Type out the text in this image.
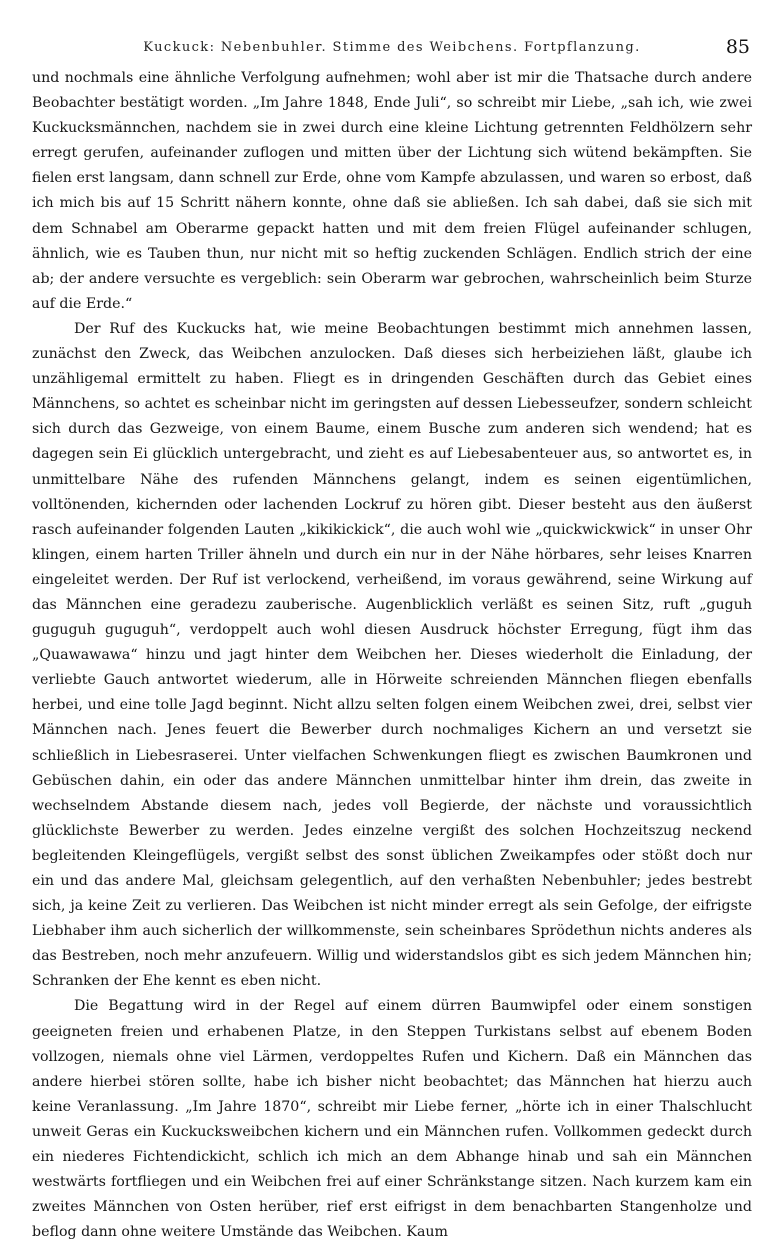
Kuckuck: Nebenbuhler. Stimme des Weibchens. Fortpflanzung.	85

und nochmals eine ähnliche Verfolgung aufnehmen; wohl aber ist mir die Thatsache durch andere Beobachter bestätigt worden. „Im Jahre 1848, Ende Juli“, so schreibt mir Liebe, „sah ich, wie zwei Kuckucksmännchen, nachdem sie in zwei durch eine kleine Lichtung getrennten Feldhölzern sehr erregt gerufen, aufeinander zuflogen und mitten über der Lichtung sich wütend bekämpften. Sie fielen erst langsam, dann schnell zur Erde, ohne vom Kampfe abzulassen, und waren so erbost, daß ich mich bis auf 15 Schritt nähern konnte, ohne daß sie abließen. Ich sah dabei, daß sie sich mit dem Schnabel am Oberarme gepackt hatten und mit dem freien Flügel aufeinander schlugen, ähnlich, wie es Tauben thun, nur nicht mit so heftig zuckenden Schlägen. Endlich strich der eine ab; der andere versuchte es vergeblich: sein Oberarm war gebrochen, wahrscheinlich beim Sturze auf die Erde.“

Der Ruf des Kuckucks hat, wie meine Beobachtungen bestimmt mich annehmen lassen, zunächst den Zweck, das Weibchen anzulocken. Daß dieses sich herbeiziehen läßt, glaube ich unzähligemal ermittelt zu haben. Fliegt es in dringenden Geschäften durch das Gebiet eines Männchens, so achtet es scheinbar nicht im geringsten auf dessen Liebesseufzer, sondern schleicht sich durch das Gezweige, von einem Baume, einem Busche zum anderen sich wendend; hat es dagegen sein Ei glücklich untergebracht, und zieht es auf Liebesabenteuer aus, so antwortet es, in unmittelbare Nähe des rufenden Männchens gelangt, indem es seinen eigentümlichen, volltönenden, kichernden oder lachenden Lockruf zu hören gibt. Dieser besteht aus den äußerst rasch aufeinander folgenden Lauten „kikikickick“, die auch wohl wie „quickwickwick“ in unser Ohr klingen, einem harten Triller ähneln und durch ein nur in der Nähe hörbares, sehr leises Knarren eingeleitet werden. Der Ruf ist verlockend, verheißend, im voraus gewährend, seine Wirkung auf das Männchen eine geradezu zauberische. Augenblicklich verläßt es seinen Sitz, ruft „guguh guguguh guguguh“, verdoppelt auch wohl diesen Ausdruck höchster Erregung, fügt ihm das „Quawawawa“ hinzu und jagt hinter dem Weibchen her. Dieses wiederholt die Einladung, der verliebte Gauch antwortet wiederum, alle in Hörweite schreienden Männchen fliegen ebenfalls herbei, und eine tolle Jagd beginnt. Nicht allzu selten folgen einem Weibchen zwei, drei, selbst vier Männchen nach. Jenes feuert die Bewerber durch nochmaliges Kichern an und versetzt sie schließlich in Liebesraserei. Unter vielfachen Schwenkungen fliegt es zwischen Baumkronen und Gebüschen dahin, ein oder das andere Männchen unmittelbar hinter ihm drein, das zweite in wechselndem Abstande diesem nach, jedes voll Begierde, der nächste und voraussichtlich glücklichste Bewerber zu werden. Jedes einzelne vergißt des solchen Hochzeitszug neckend begleitenden Kleingeflügels, vergißt selbst des sonst üblichen Zweikampfes oder stößt doch nur ein und das andere Mal, gleichsam gelegentlich, auf den verhaßten Nebenbuhler; jedes bestrebt sich, ja keine Zeit zu verlieren. Das Weibchen ist nicht minder erregt als sein Gefolge, der eifrigste Liebhaber ihm auch sicherlich der willkommenste, sein scheinbares Sprödethun nichts anderes als das Bestreben, noch mehr anzufeuern. Willig und widerstandslos gibt es sich jedem Männchen hin; Schranken der Ehe kennt es eben nicht.

Die Begattung wird in der Regel auf einem dürren Baumwipfel oder einem sonstigen geeigneten freien und erhabenen Platze, in den Steppen Turkistans selbst auf ebenem Boden vollzogen, niemals ohne viel Lärmen, verdoppeltes Rufen und Kichern. Daß ein Männchen das andere hierbei stören sollte, habe ich bisher nicht beobachtet; das Männchen hat hierzu auch keine Veranlassung. „Im Jahre 1870“, schreibt mir Liebe ferner, „hörte ich in einer Thalschlucht unweit Geras ein Kuckucksweibchen kichern und ein Männchen rufen. Vollkommen gedeckt durch ein niederes Fichtendickicht, schlich ich mich an dem Abhange hinab und sah ein Männchen westwärts fortfliegen und ein Weibchen frei auf einer Schränkstange sitzen. Nach kurzem kam ein zweites Männchen von Osten herüber, rief erst eifrigst in dem benachbarten Stangenholze und beflog dann ohne weitere Umstände das Weibchen. Kaum
